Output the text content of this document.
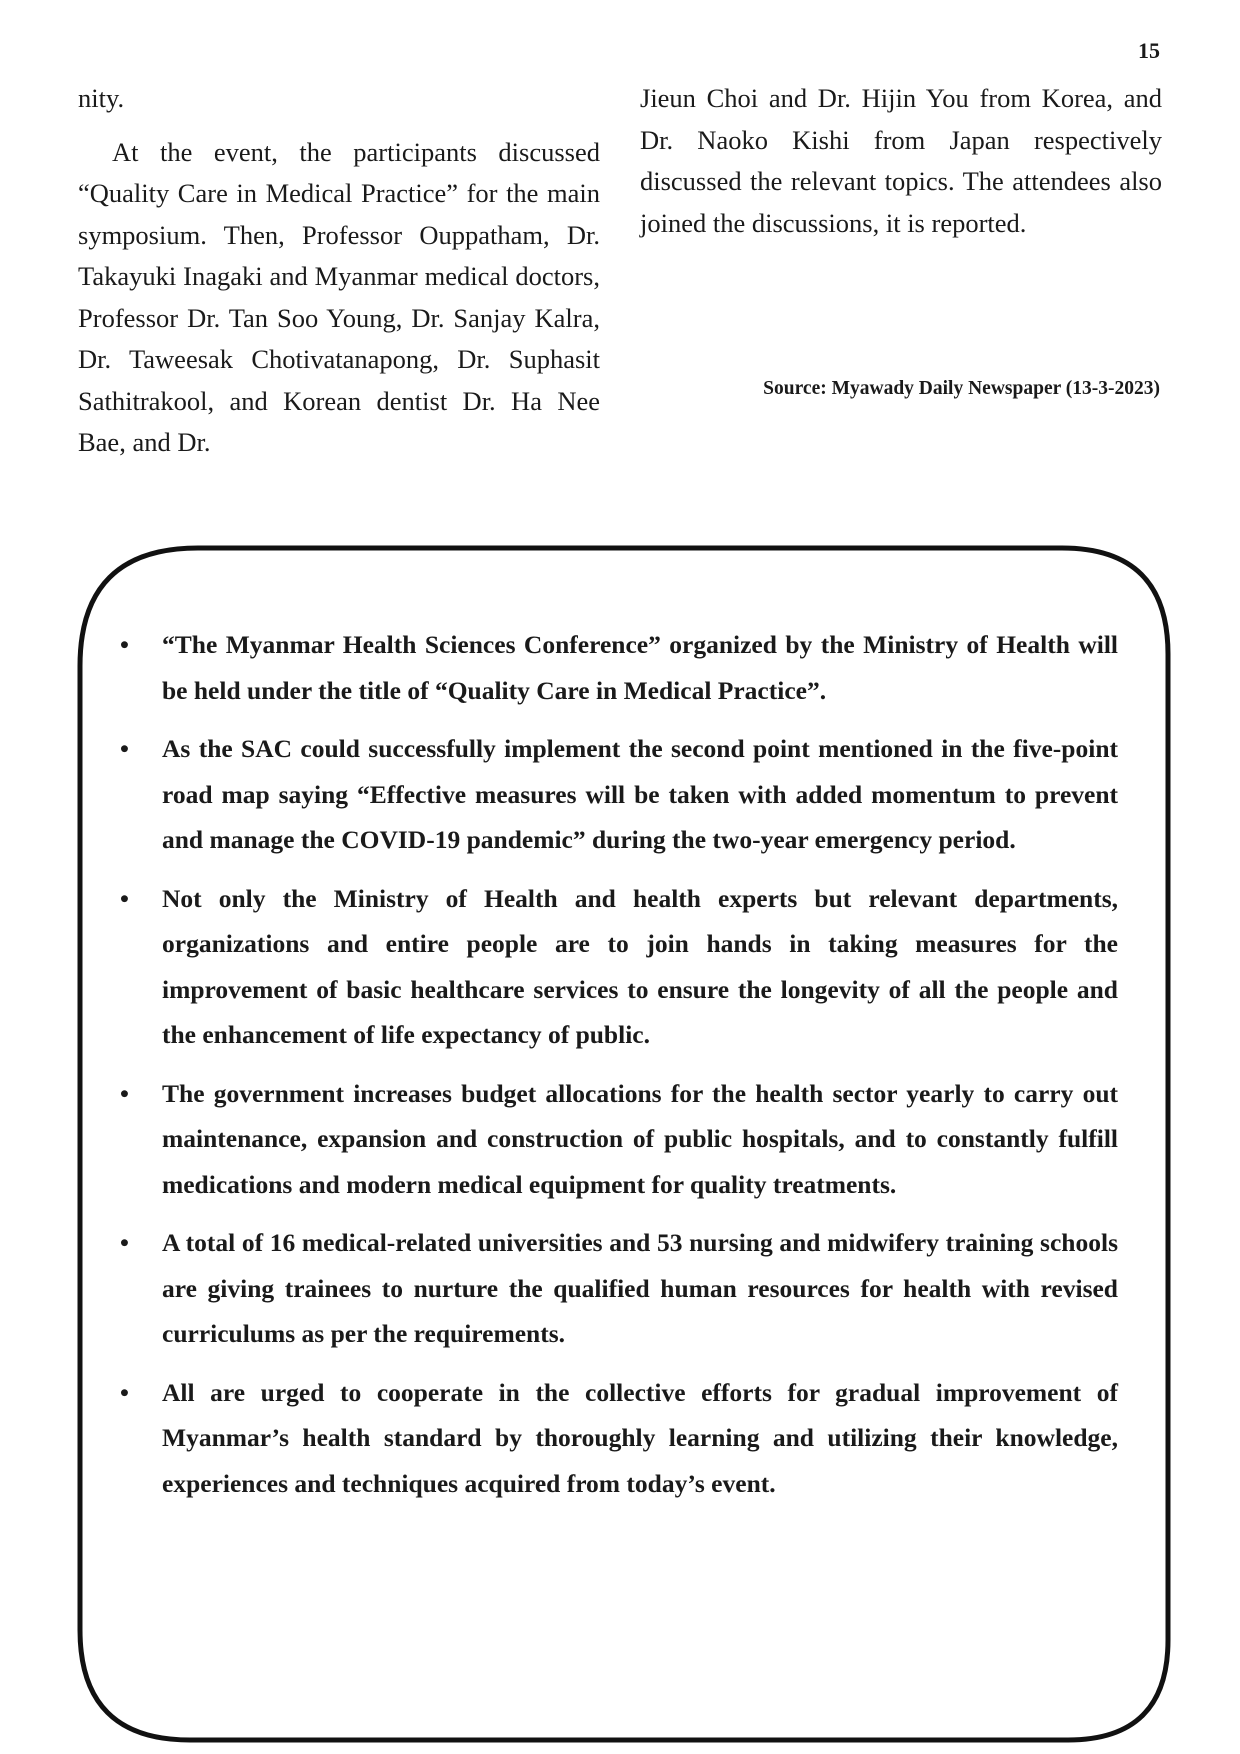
15

nity.

At the event, the participants discussed “Quality Care in Medical Practice” for the main symposium. Then, Professor Ouppatham, Dr. Takayuki Inagaki and Myanmar medical doctors, Professor Dr. Tan Soo Young, Dr. Sanjay Kalra, Dr. Taweesak Chotivatanapong, Dr. Suphasit Sathitrakool, and Korean dentist Dr. Ha Nee Bae, and Dr.

Jieun Choi and Dr. Hijin You from Korea, and Dr. Naoko Kishi from Japan respectively discussed the relevant topics. The attendees also joined the discussions, it is reported.

Source: Myawady Daily Newspaper (13-3-2023)
• “The Myanmar Health Sciences Conference” organized by the Ministry of Health will be held under the title of “Quality Care in Medical Practice”.
• As the SAC could successfully implement the second point mentioned in the five-point road map saying “Effective measures will be taken with added momentum to prevent and manage the COVID-19 pandemic” during the two-year emergency period.
• Not only the Ministry of Health and health experts but relevant departments, organizations and entire people are to join hands in taking measures for the improvement of basic healthcare services to ensure the longevity of all the people and the enhancement of life expectancy of public.
• The government increases budget allocations for the health sector yearly to carry out maintenance, expansion and construction of public hospitals, and to constantly fulfill medications and modern medical equipment for quality treatments.
• A total of 16 medical-related universities and 53 nursing and midwifery training schools are giving trainees to nurture the qualified human resources for health with revised curriculums as per the requirements.
• All are urged to cooperate in the collective efforts for gradual improvement of Myanmar’s health standard by thoroughly learning and utilizing their knowledge, experiences and techniques acquired from today’s event.
